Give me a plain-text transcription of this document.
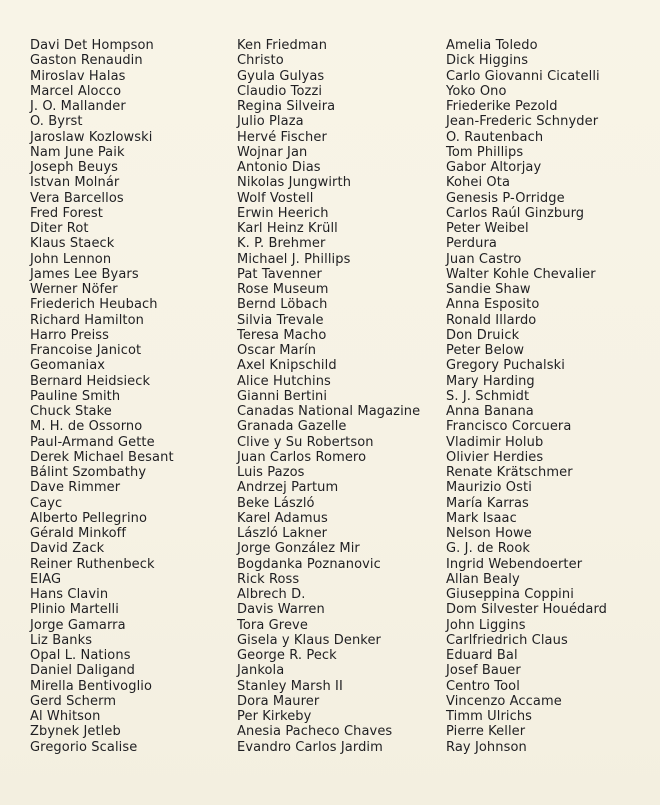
Davi Det Hompson
Gaston Renaudin
Miroslav Halas
Marcel Alocco
J. O. Mallander
O. Byrst
Jaroslaw Kozlowski
Nam June Paik
Joseph Beuys
Istvan Molnár
Vera Barcellos
Fred Forest
Diter Rot
Klaus Staeck
John Lennon
James Lee Byars
Werner Nöfer
Friederich Heubach
Richard Hamilton
Harro Preiss
Francoise Janicot
Geomaniax
Bernard Heidsieck
Pauline Smith
Chuck Stake
M. H. de Ossorno
Paul-Armand Gette
Derek Michael Besant
Bálint Szombathy
Dave Rimmer
Cayc
Alberto Pellegrino
Gérald Minkoff
David Zack
Reiner Ruthenbeck
EIAG
Hans Clavin
Plinio Martelli
Jorge Gamarra
Liz Banks
Opal L. Nations
Daniel Daligand
Mirella Bentivoglio
Gerd Scherm
Al Whitson
Zbynek Jetleb
Gregorio Scalise
Ken Friedman
Christo
Gyula Gulyas
Claudio Tozzi
Regina Silveira
Julio Plaza
Hervé Fischer
Wojnar Jan
Antonio Dias
Nikolas Jungwirth
Wolf Vostell
Erwin Heerich
Karl Heinz Krüll
K. P. Brehmer
Michael J. Phillips
Pat Tavenner
Rose Museum
Bernd Löbach
Silvia Trevale
Teresa Macho
Oscar Marín
Axel Knipschild
Alice Hutchins
Gianni Bertini
Canadas National Magazine
Granada Gazelle
Clive y Su Robertson
Juan Carlos Romero
Luis Pazos
Andrzej Partum
Beke László
Karel Adamus
László Lakner
Jorge González Mir
Bogdanka Poznanovic
Rick Ross
Albrech D.
Davis Warren
Tora Greve
Gisela y Klaus Denker
George R. Peck
Jankola
Stanley Marsh II
Dora Maurer
Per Kirkeby
Anesia Pacheco Chaves
Evandro Carlos Jardim
Amelia Toledo
Dick Higgins
Carlo Giovanni Cicatelli
Yoko Ono
Friederike Pezold
Jean-Frederic Schnyder
O. Rautenbach
Tom Phillips
Gabor Altorjay
Kohei Ota
Genesis P-Orridge
Carlos Raúl Ginzburg
Peter Weibel
Perdura
Juan Castro
Walter Kohle Chevalier
Sandie Shaw
Anna Esposito
Ronald Illardo
Don Druick
Peter Below
Gregory Puchalski
Mary Harding
S. J. Schmidt
Anna Banana
Francisco Corcuera
Vladimir Holub
Olivier Herdies
Renate Krätschmer
Maurizio Osti
María Karras
Mark Isaac
Nelson Howe
G. J. de Rook
Ingrid Webendoerter
Allan Bealy
Giuseppina Coppini
Dom Silvester Houédard
John Liggins
Carlfriedrich Claus
Eduard Bal
Josef Bauer
Centro Tool
Vincenzo Accame
Timm Ulrichs
Pierre Keller
Ray Johnson
